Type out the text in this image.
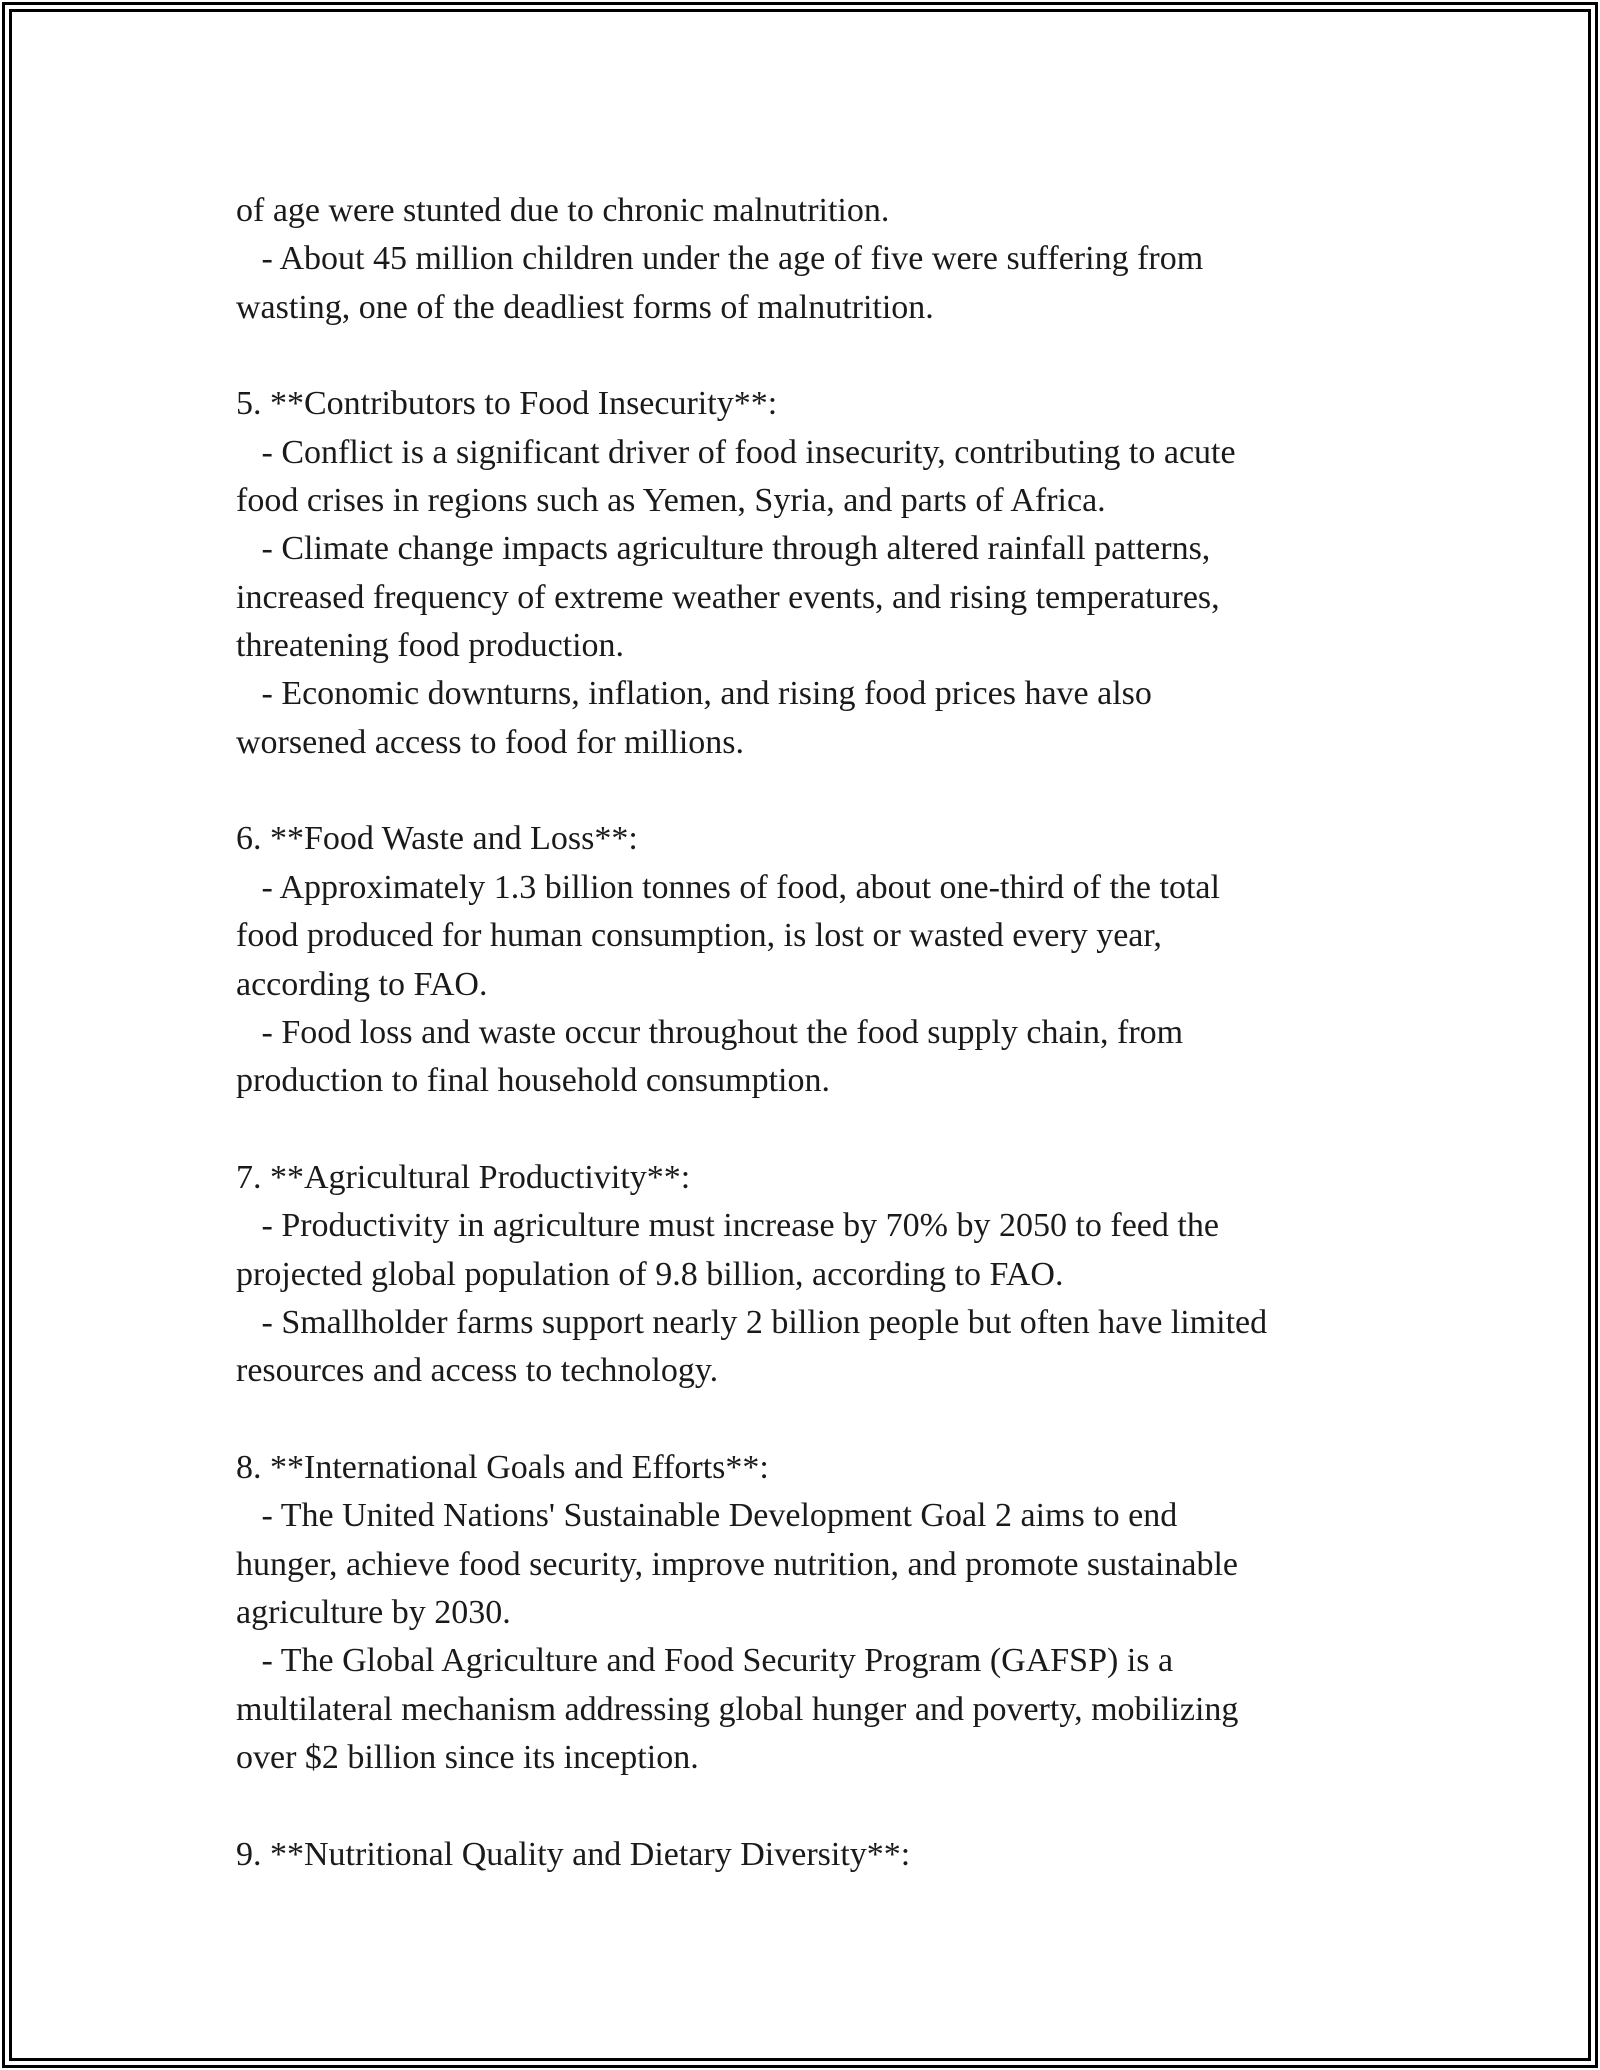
of age were stunted due to chronic malnutrition.
- About 45 million children under the age of five were suffering from
wasting, one of the deadliest forms of malnutrition.
5. **Contributors to Food Insecurity**:
- Conflict is a significant driver of food insecurity, contributing to acute
food crises in regions such as Yemen, Syria, and parts of Africa.
- Climate change impacts agriculture through altered rainfall patterns,
increased frequency of extreme weather events, and rising temperatures,
threatening food production.
- Economic downturns, inflation, and rising food prices have also
worsened access to food for millions.
6. **Food Waste and Loss**:
- Approximately 1.3 billion tonnes of food, about one-third of the total
food produced for human consumption, is lost or wasted every year,
according to FAO.
- Food loss and waste occur throughout the food supply chain, from
production to final household consumption.
7. **Agricultural Productivity**:
- Productivity in agriculture must increase by 70% by 2050 to feed the
projected global population of 9.8 billion, according to FAO.
- Smallholder farms support nearly 2 billion people but often have limited
resources and access to technology.
8. **International Goals and Efforts**:
- The United Nations' Sustainable Development Goal 2 aims to end
hunger, achieve food security, improve nutrition, and promote sustainable
agriculture by 2030.
- The Global Agriculture and Food Security Program (GAFSP) is a
multilateral mechanism addressing global hunger and poverty, mobilizing
over $2 billion since its inception.
9. **Nutritional Quality and Dietary Diversity**:
